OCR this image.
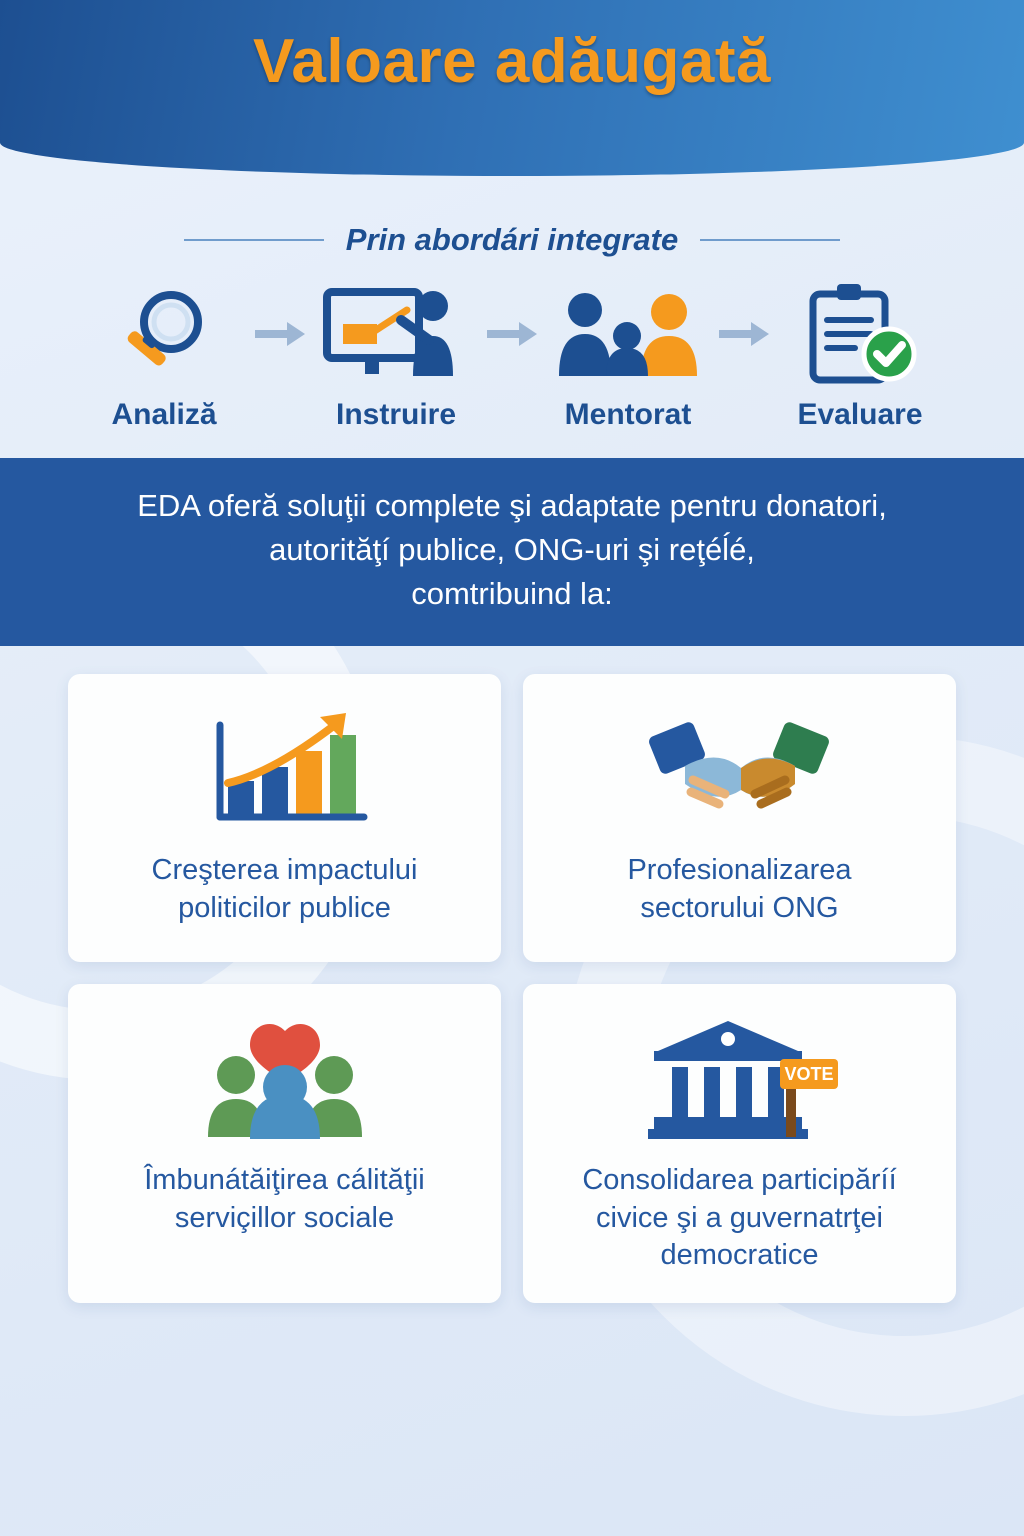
Valoare adăugată
Prin abordári integrate
Analiză	Instruire	Mentorat	Evaluare

EDA oferă soluţii complete şi adaptate pentru donatori,

autorităţí publice, ONG-uri şi reţéĺé,

comtribuind la:

Creşterea impactului
politicilor publice
Profesionalizarea
sectorului ONG
Îmbunátăiţirea cálităţii
serviçillor sociale
VOTE
Consolidarea participăríí
civice şi a guvernatrţei
democratice
